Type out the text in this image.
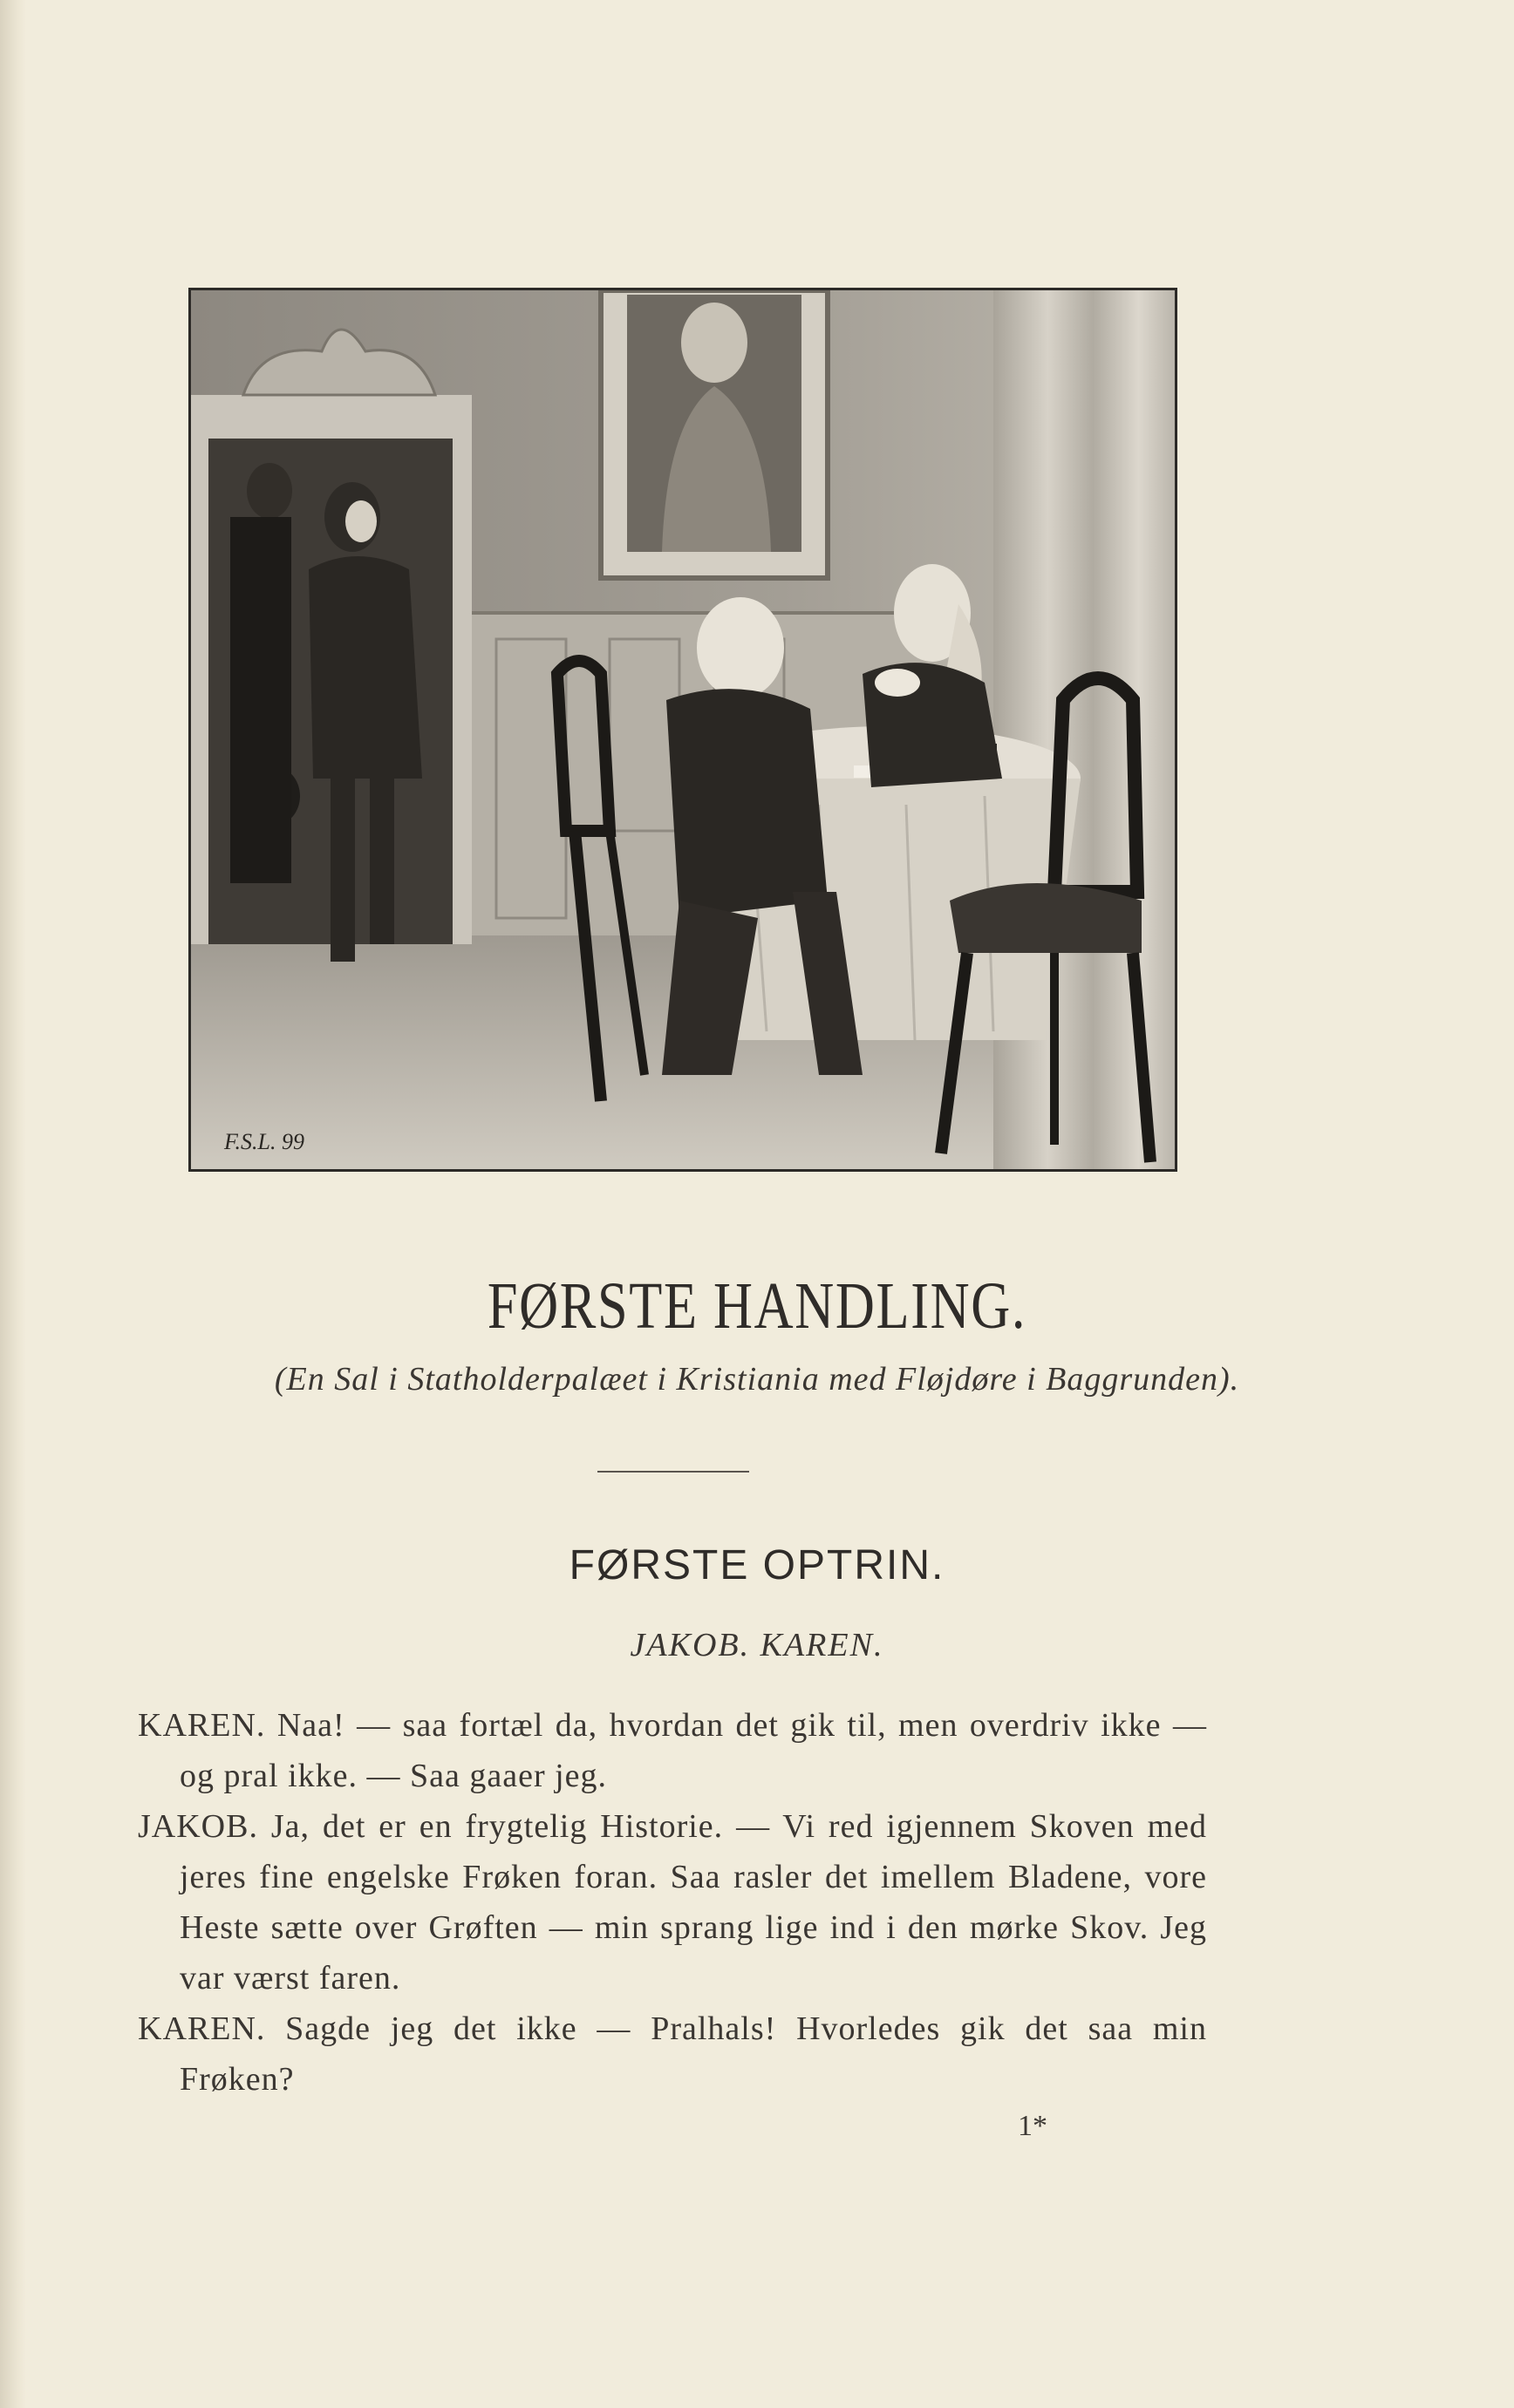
F.S.L. 99
FØRSTE HANDLING.
(En Sal i Statholderpalæet i Kristiania med Fløjdøre i Baggrunden).
FØRSTE OPTRIN.
JAKOB. KAREN.

KAREN. Naa! — saa fortæl da, hvordan det gik til, men overdriv ikke — og pral ikke. — Saa gaaer jeg.

JAKOB. Ja, det er en frygtelig Historie. — Vi red igjennem Skoven med jeres fine engelske Frøken foran. Saa rasler det imellem Bladene, vore Heste sætte over Grøften — min sprang lige ind i den mørke Skov. Jeg var værst faren.

KAREN. Sagde jeg det ikke — Pralhals! Hvorledes gik det saa min Frøken?

1*
